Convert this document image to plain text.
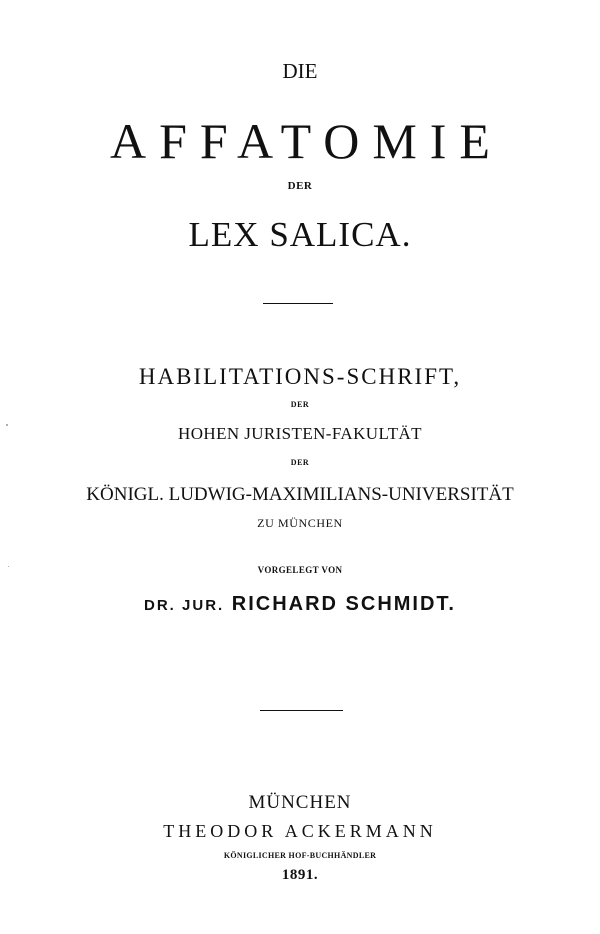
DIE
AFFATOMIE
DER
LEX SALICA.
HABILITATIONS-SCHRIFT,
DER
HOHEN JURISTEN-FAKULTÄT
DER
KÖNIGL. LUDWIG-MAXIMILIANS-UNIVERSITÄT
ZU MÜNCHEN
VORGELEGT VON
DR. JUR. RICHARD SCHMIDT.
MÜNCHEN
THEODOR ACKERMANN
KÖNIGLICHER HOF-BUCHHÄNDLER
1891.
